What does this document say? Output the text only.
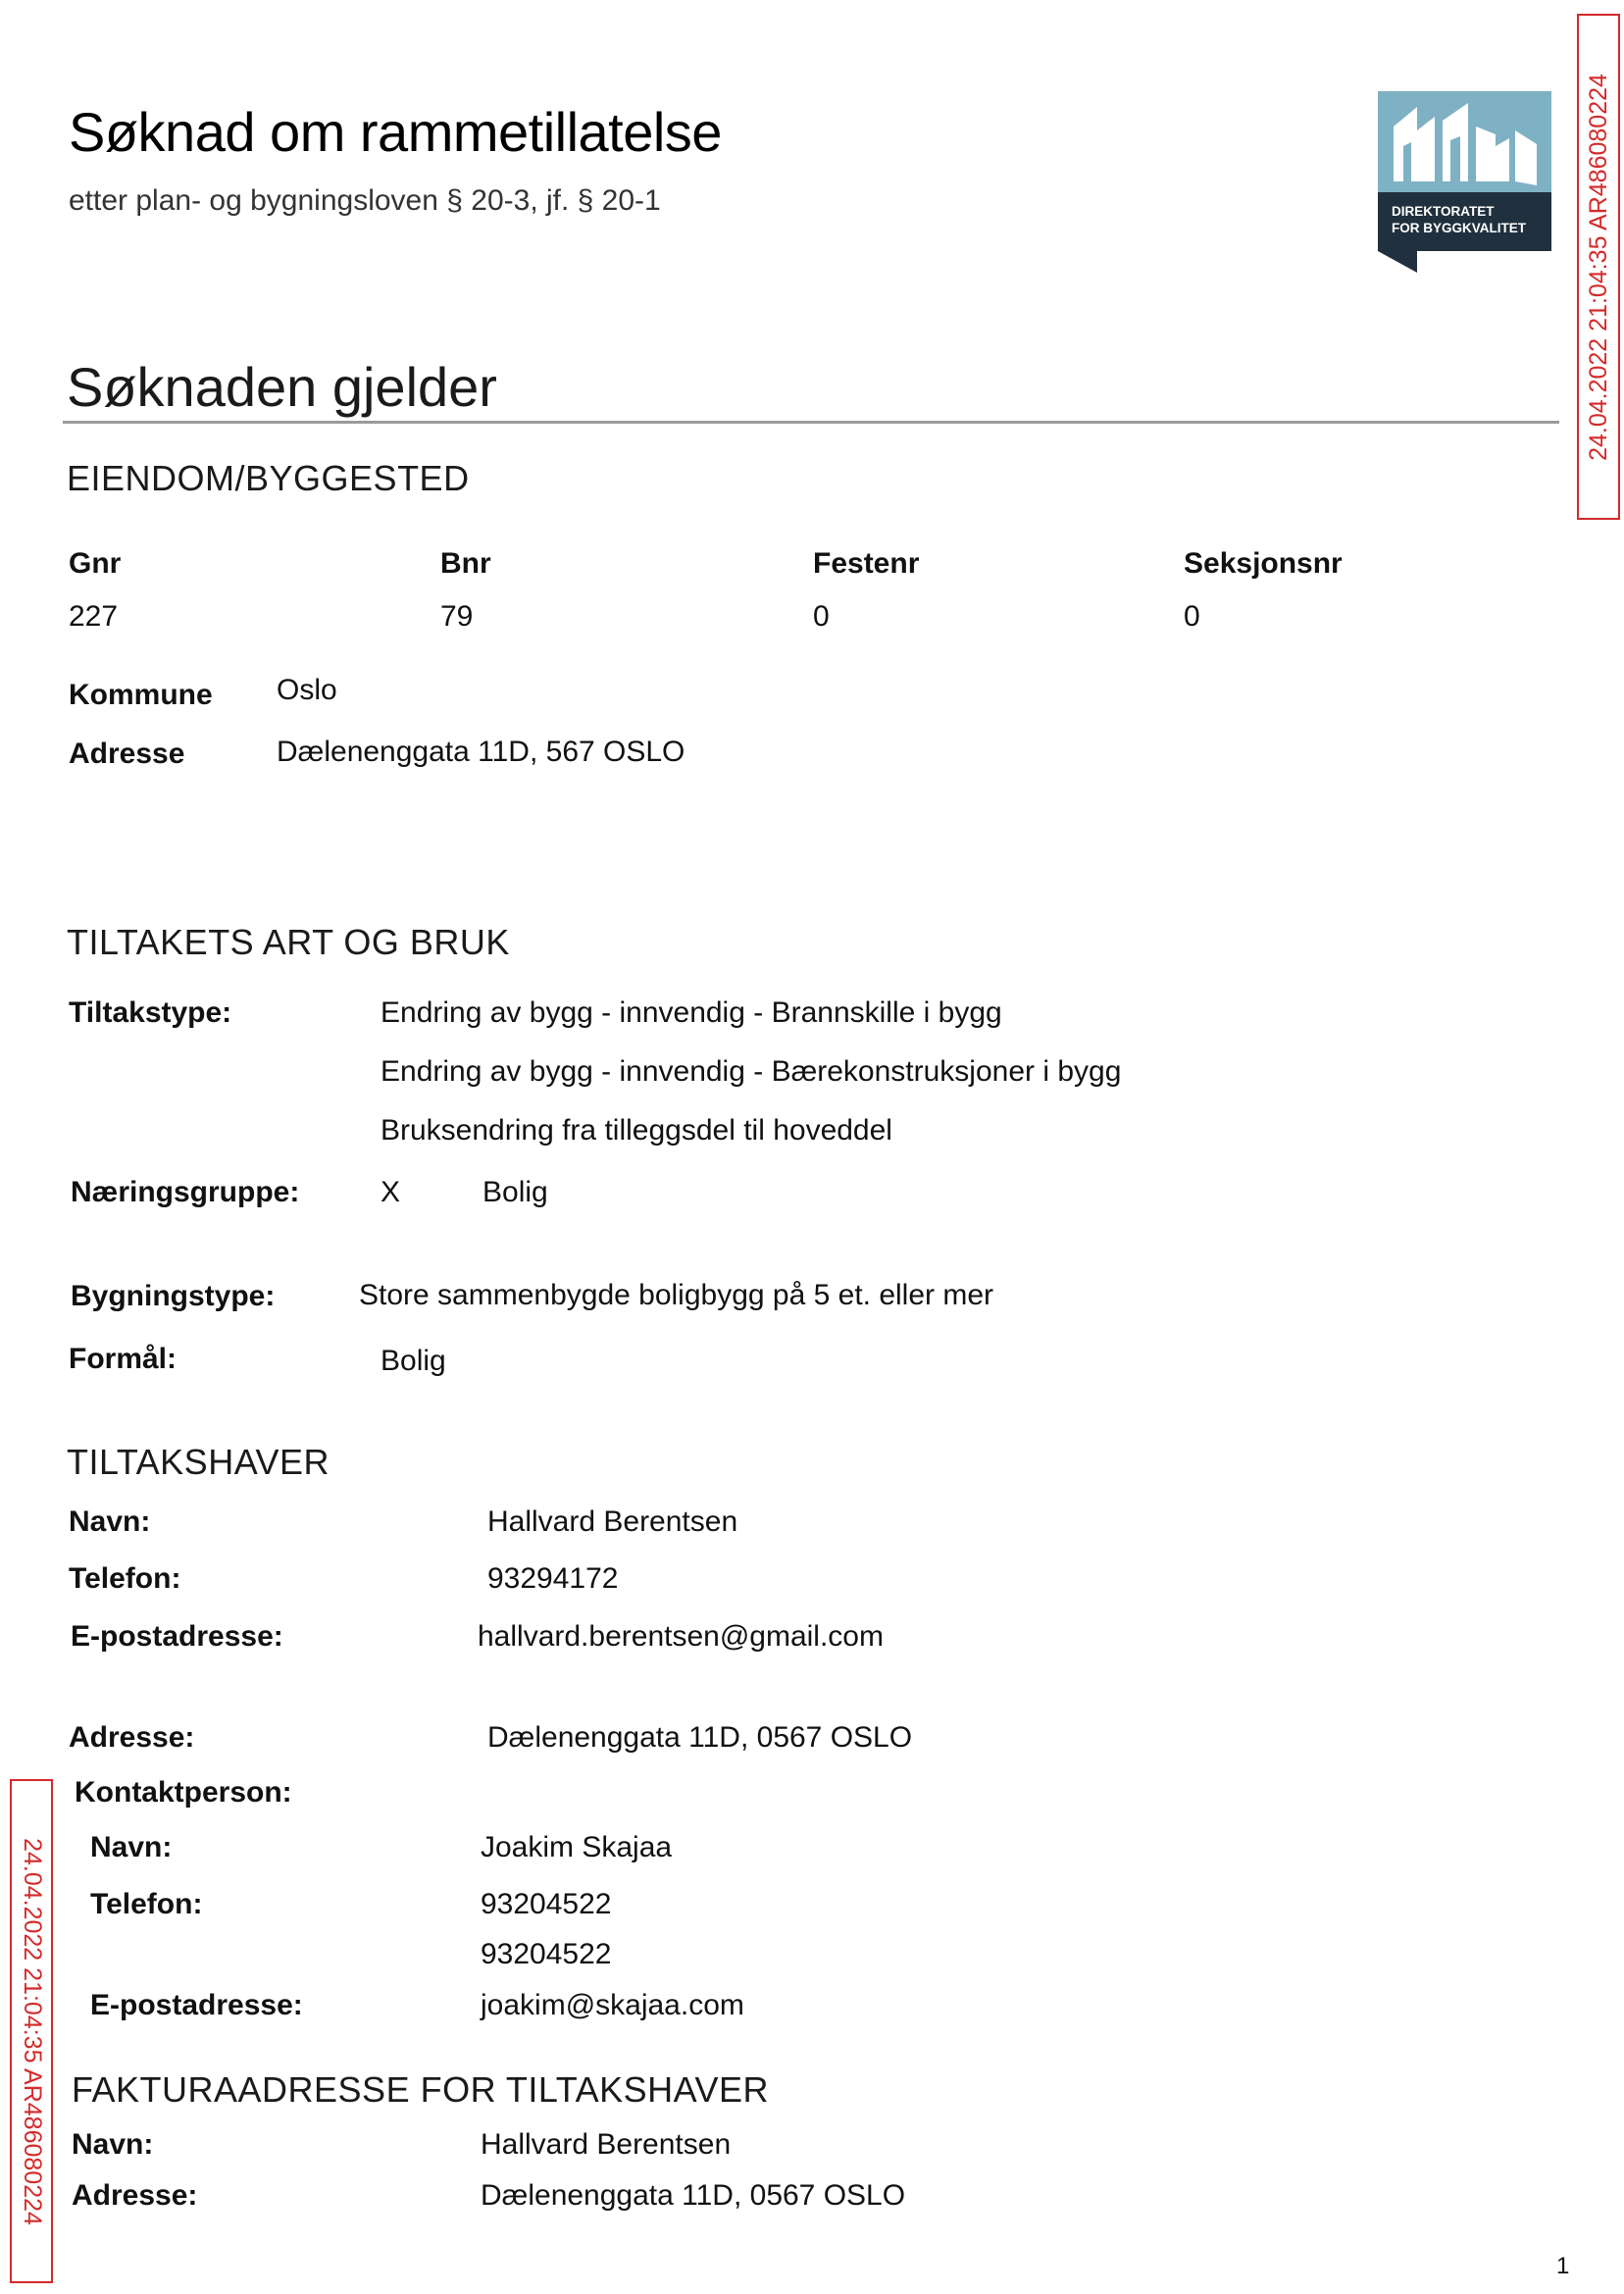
Søknad om rammetillatelse
etter plan- og bygningsloven § 20-3, jf. § 20-1	DIREKTORATET
FOR BYGGKVALITET 24.04.2022 21:04:35 AR486080224
24.04.2022 21:04:35 AR486080224
Søknaden gjelder
EIENDOM/BYGGESTED
Gnr	Bnr	Festenr	Seksjonsnr
227	79	0	0
Kommune Oslo
Adresse	Dælenenggata 11D, 567 OSLO
TILTAKETS ART OG BRUK
Tiltakstype:	Endring av bygg - innvendig - Brannskille i bygg
Endring av bygg - innvendig - Bærekonstruksjoner i bygg
Bruksendring fra tilleggsdel til hoveddel
Næringsgruppe:	X	Bolig
Bygningstype:	Store sammenbygde boligbygg på 5 et. eller mer
Formål:	Bolig
TILTAKSHAVER
Navn:	Hallvard Berentsen
Telefon:	93294172
E-postadresse:	hallvard.berentsen@gmail.com
Adresse:	Dælenenggata 11D, 0567 OSLO
Kontaktperson:
Navn:	Joakim Skajaa
Telefon:	93204522
93204522
E-postadresse:	joakim@skajaa.com
FAKTURAADRESSE FOR TILTAKSHAVER
Navn:	Hallvard Berentsen
Adresse:	Dælenenggata 11D, 0567 OSLO
1
